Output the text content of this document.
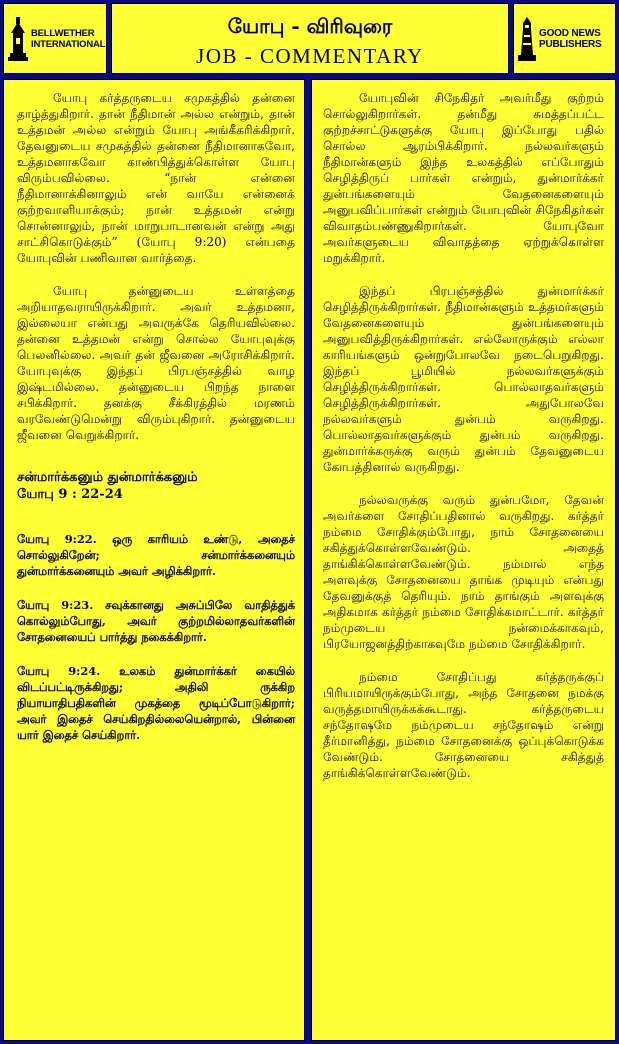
BELLWETHER
INTERNATIONAL
யோபு - விரிவுரை
JOB - COMMENTARY
GOOD NEWS
PUBLISHERS

யோபு கர்த்தருடைய சமுகத்தில் தன்னை தாழ்த்துகிறார். தான் நீதிமான் அல்ல என்றும், தான் உத்தமன் அல்ல என்றும் யோபு அங்கீகரிக்கிறார். தேவனுடைய சமுகத்தில் தன்னை நீதிமானாகவோ, உத்தமனாகவோ காண்பித்துக்கொள்ள யோபு விரும்பவில்லை. “நான் என்னை நீதிமானாக்கினாலும் என் வாயே என்னைக் குற்றவாளியாக்கும்; நான் உத்தமன் என்று சொன்னாலும், நான் மாறுபாடானவன் என்று அது சாட்சிகொடுக்கும்” (யோபு 9:20) என்பதை யோபுவின் பணிவான வார்த்தை.

யோபு தன்னுடைய உள்ளத்தை அறியாதவராயிருக்கிறார். அவர் உத்தமனா, இல்லையா என்பது அவருக்கே தெரியவில்லை. தன்னை உத்தமன் என்று சொல்ல யோபுவுக்கு பெலனில்லை. அவர் தன் ஜீவனை அரோசிக்கிறார். யோபுவுக்கு இந்தப் பிரபஞ்சத்தில் வாழ இஷ்டமில்லை. தன்னுடைய பிறந்த நாளை சபிக்கிறார். தனக்கு சீக்கிரத்தில் மரணம் வரவேண்டுமென்று விரும்புகிறார். தன்னுடைய ஜீவனை வெறுக்கிறார்.

சன்மார்க்கனும் துன்மார்க்கனும்
யோபு 9 : 22-24
யோபு 9:22. ஒரு காரியம் உண்டு, அதைச் சொல்லுகிறேன்; சன்மார்க்கனையும் துன்மார்க்கனையும் அவர் அழிக்கிறார்.
யோபு 9:23. சவுக்கானது அசுப்பிலே வாதித்துக் கொல்லும்போது, அவர் குற்றமில்லாதவர்களின் சோதனையைப் பார்த்து நகைக்கிறார்.
யோபு 9:24. உலகம் துன்மார்க்கர் கையில் விடப்பட்டிருக்கிறது; அதிலி ருக்கிற நியாயாதிபதிகளின் முகத்தை மூடிப்போடுகிறார்; அவர் இதைச் செய்கிறதில்லையென்றால், பின்னை யார் இதைச் செய்கிறார்.

யோபுவின் சிநேகிதர் அவர்மீது குற்றம் சொல்லுகிறார்கள். தன்மீது சுமத்தப்பட்ட குற்றச்சாட்டுகளுக்கு யோபு இப்போது பதில் சொல்ல ஆரம்பிக்கிறார். நல்லவர்களும் நீதிமான்களும் இந்த உலகத்தில் எப்போதும் செழித்திருப் பார்கள் என்றும், துன்மார்க்கர் துன்பங்களையும் வேதனைகளையும் அனுபவிப்பார்கள் என்றும் யோபுவின் சிநேகிதர்கள் விவாதம்பண்ணுகிறார்கள். யோபுவோ அவர்களுடைய விவாதத்தை ஏற்றுக்கொள்ள மறுக்கிறார்.

இந்தப் பிரபஞ்சத்தில் துன்மார்க்கர் செழித்திருக்கிறார்கள். நீதிமான்களும் உத்தமர்களும் வேதனைகளையும் துன்பங்களையும் அனுபவித்திருக்கிறார்கள். எல்லோருக்கும் எல்லா காரியங்களும் ஒன்றுபோலவே நடைபெறுகிறது. இந்தப் பூமியில் நல்லவர்களுக்கும் செழித்திருக்கிறார்கள். பொல்லாதவர்களும் செழித்திருக்கிறார்கள். அதுபோலவே நல்லவர்களும் துன்பம் வருகிறது. பொல்லாதவர்களுக்கும் துன்பம் வருகிறது. துன்மார்க்கருக்கு வரும் துன்பம் தேவனுடைய கோபத்தினால் வருகிறது.

நல்லவருக்கு வரும் துன்பமோ, தேவன் அவர்களை சோதிப்பதினால் வருகிறது. கர்த்தர் நம்மை சோதிக்கும்போது, நாம் சோதனையை சகித்துக்கொள்ளவேண்டும். அதைத் தாங்கிக்கொள்ளவேண்டும். நம்மால் எந்த அளவுக்கு சோதனையை தாங்க முடியும் என்பது தேவனுக்குத் தெரியும். நாம் தாங்கும் அளவுக்கு அதிகமாக கர்த்தர் நம்மை சோதிக்கமாட்டார். கர்த்தர் நம்முடைய நன்மைக்காகவும், பிரயோஜனத்திற்காகவுமே நம்மை சோதிக்கிறார்.

நம்மை சோதிப்பது கர்த்தருக்குப் பிரியமாயிருக்கும்போது, அந்த சோதனை நமக்கு வருத்தமாயிருக்கக்கூடாது. கர்த்தருடைய சந்தோஷமே நம்முடைய சந்தோஷம் என்று தீர்மானித்து, நம்மை சோதனைக்கு ஒப்புக்கொடுக்க வேண்டும். சோதனையை சகித்துத் தாங்கிக்கொள்ளவேண்டும்.
